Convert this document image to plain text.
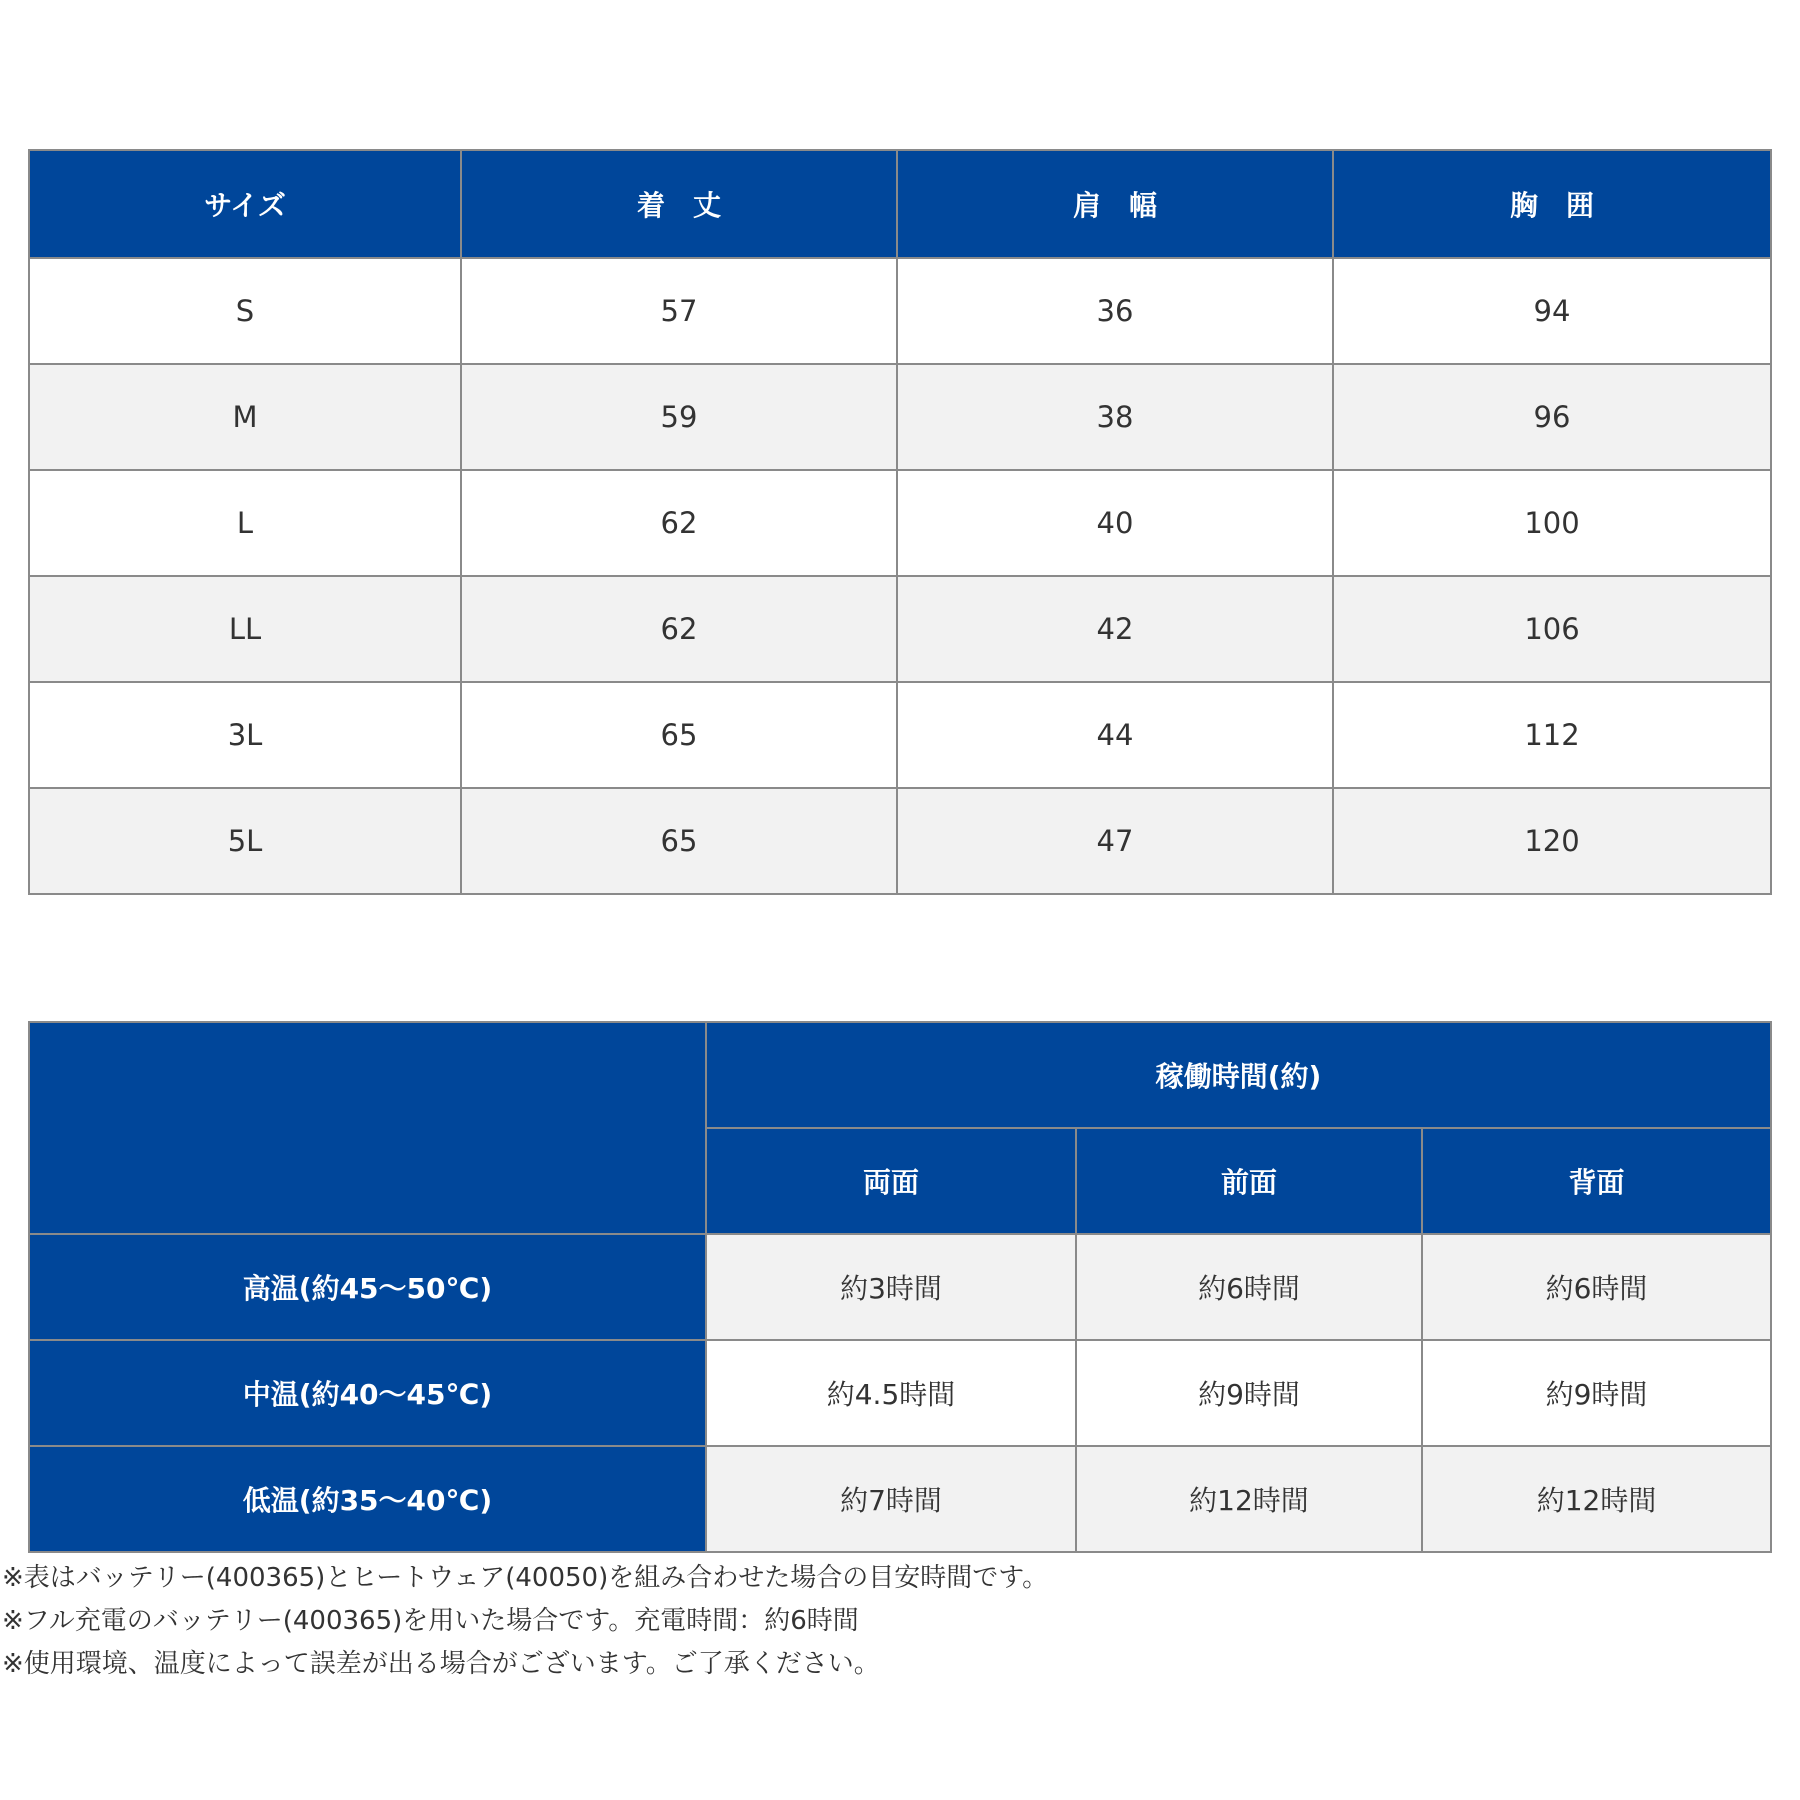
サイズ	着　丈	肩　幅	胸　囲
S	57	36	94
M	59	38	96
L	62	40	100
LL	62	42	106
3L	65	44	112
5L	65	47	120
	稼働時間(約)		
	両面	前面	背面
高温(約45～50℃)	約3時間	約6時間	約6時間
中温(約40～45℃)	約4.5時間	約9時間	約9時間
低温(約35～40℃)	約7時間	約12時間	約12時間
※表はバッテリー(400365)とヒートウェア(40050)を組み合わせた場合の目安時間です。
※フル充電のバッテリー(400365)を用いた場合です。充電時間：約6時間
※使用環境、温度によって誤差が出る場合がございます。ご了承ください。
